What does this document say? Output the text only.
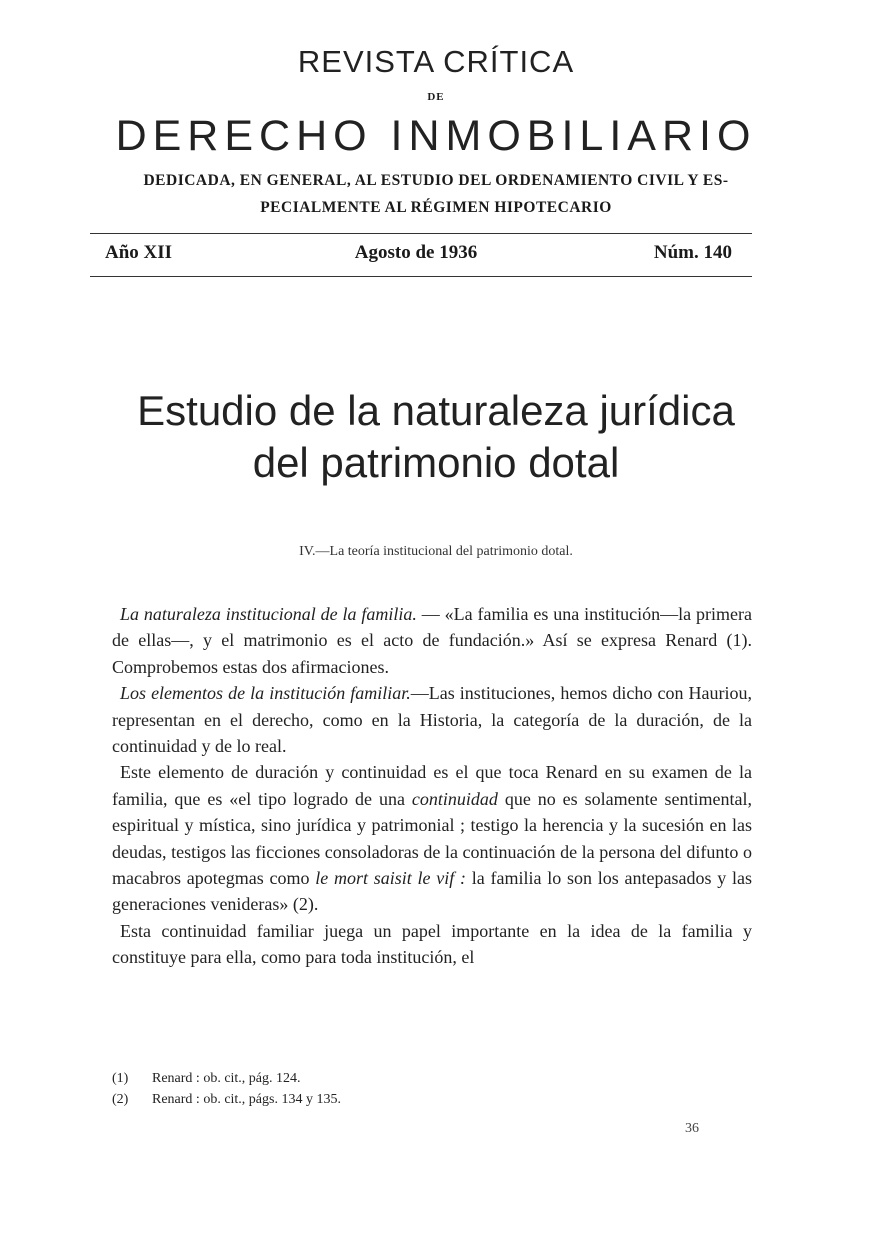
REVISTA CRÍTICA
DE
DERECHO INMOBILIARIO
DEDICADA, EN GENERAL, AL ESTUDIO DEL ORDENAMIENTO CIVIL Y ES-
PECIALMENTE AL RÉGIMEN HIPOTECARIO
Año XII	Agosto de 1936	Núm. 140
Estudio de la naturaleza jurídica
del patrimonio dotal
IV.—La teoría institucional del patrimonio dotal.

La naturaleza institucional de la familia. — «La familia es una institución—la primera de ellas—, y el matrimonio es el acto de fundación.» Así se expresa Renard (1). Comprobemos estas dos afirmaciones.

Los elementos de la institución familiar.—Las instituciones, hemos dicho con Hauriou, representan en el derecho, como en la Historia, la categoría de la duración, de la continuidad y de lo real.

Este elemento de duración y continuidad es el que toca Renard en su examen de la familia, que es «el tipo logrado de una continuidad que no es solamente sentimental, espiritual y mística, sino jurídica y patrimonial ; testigo la herencia y la sucesión en las deudas, testigos las ficciones consoladoras de la continuación de la persona del difunto o macabros apotegmas como le mort saisit le vif : la familia lo son los antepasados y las generaciones venideras» (2).

Esta continuidad familiar juega un papel importante en la idea de la familia y constituye para ella, como para toda institución, el

(1) Renard : ob. cit., pág. 124.
(2) Renard : ob. cit., págs. 134 y 135.
36
